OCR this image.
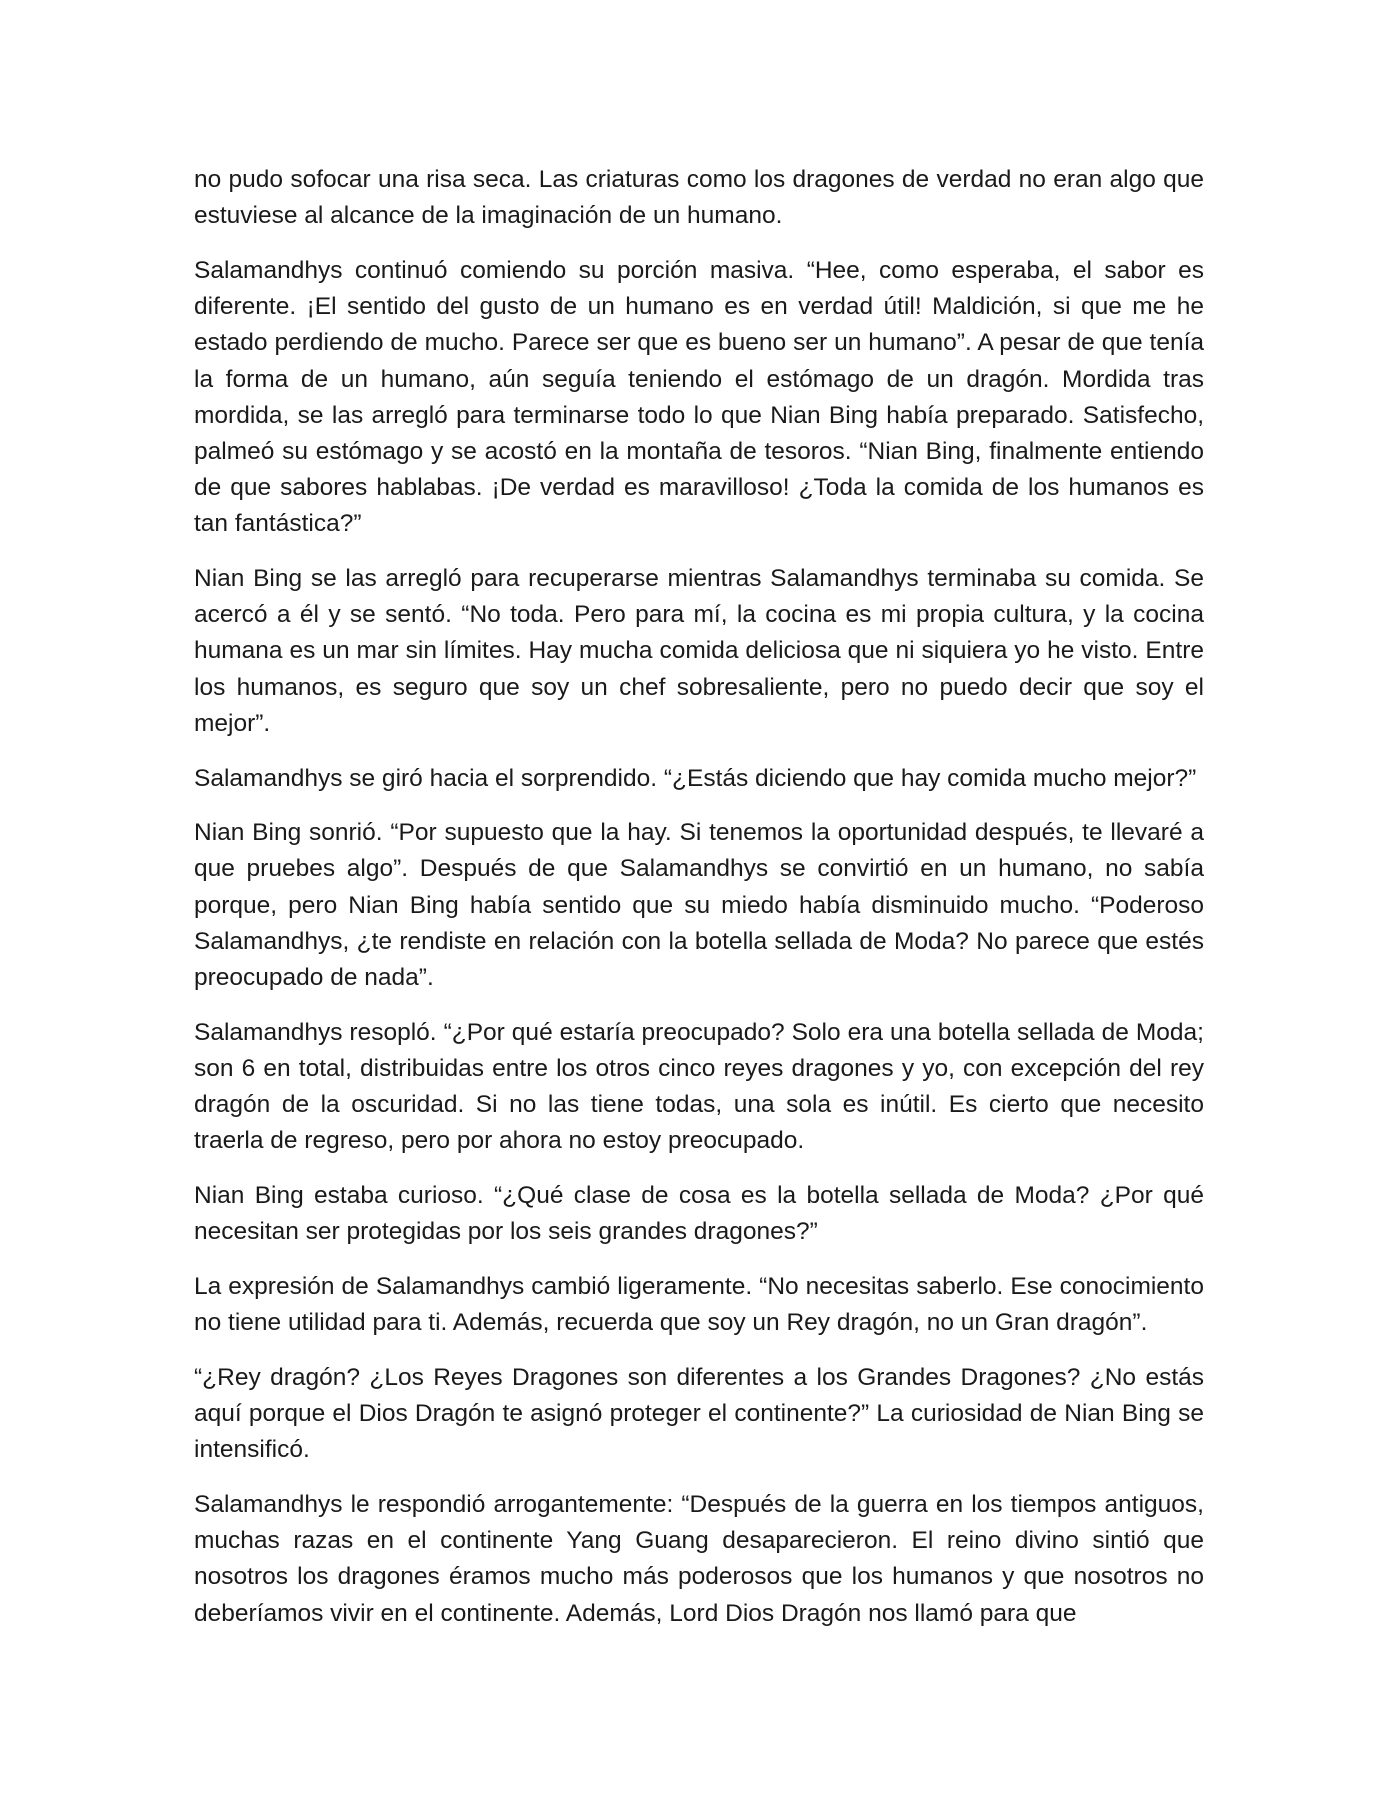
no pudo sofocar una risa seca. Las criaturas como los dragones de verdad no eran algo que estuviese al alcance de la imaginación de un humano.

Salamandhys continuó comiendo su porción masiva. “Hee, como esperaba, el sabor es diferente. ¡El sentido del gusto de un humano es en verdad útil! Maldición, si que me he estado perdiendo de mucho. Parece ser que es bueno ser un humano”. A pesar de que tenía la forma de un humano, aún seguía teniendo el estómago de un dragón. Mordida tras mordida, se las arregló para terminarse todo lo que Nian Bing había preparado. Satisfecho, palmeó su estómago y se acostó en la montaña de tesoros. “Nian Bing, finalmente entiendo de que sabores hablabas. ¡De verdad es maravilloso! ¿Toda la comida de los humanos es tan fantástica?”

Nian Bing se las arregló para recuperarse mientras Salamandhys terminaba su comida. Se acercó a él y se sentó. “No toda. Pero para mí, la cocina es mi propia cultura, y la cocina humana es un mar sin límites. Hay mucha comida deliciosa que ni siquiera yo he visto. Entre los humanos, es seguro que soy un chef sobresaliente, pero no puedo decir que soy el mejor”.

Salamandhys se giró hacia el sorprendido. “¿Estás diciendo que hay comida mucho mejor?”

Nian Bing sonrió. “Por supuesto que la hay. Si tenemos la oportunidad después, te llevaré a que pruebes algo”. Después de que Salamandhys se convirtió en un humano, no sabía porque, pero Nian Bing había sentido que su miedo había disminuido mucho. “Poderoso Salamandhys, ¿te rendiste en relación con la botella sellada de Moda? No parece que estés preocupado de nada”.

Salamandhys resopló. “¿Por qué estaría preocupado? Solo era una botella sellada de Moda; son 6 en total, distribuidas entre los otros cinco reyes dragones y yo, con excepción del rey dragón de la oscuridad. Si no las tiene todas, una sola es inútil. Es cierto que necesito traerla de regreso, pero por ahora no estoy preocupado.

Nian Bing estaba curioso. “¿Qué clase de cosa es la botella sellada de Moda? ¿Por qué necesitan ser protegidas por los seis grandes dragones?”

La expresión de Salamandhys cambió ligeramente. “No necesitas saberlo. Ese conocimiento no tiene utilidad para ti. Además, recuerda que soy un Rey dragón, no un Gran dragón”.

“¿Rey dragón? ¿Los Reyes Dragones son diferentes a los Grandes Dragones? ¿No estás aquí porque el Dios Dragón te asignó proteger el continente?” La curiosidad de Nian Bing se intensificó.

Salamandhys le respondió arrogantemente: “Después de la guerra en los tiempos antiguos, muchas razas en el continente Yang Guang desaparecieron. El reino divino sintió que nosotros los dragones éramos mucho más poderosos que los humanos y que nosotros no deberíamos vivir en el continente. Además, Lord Dios Dragón nos llamó para que
